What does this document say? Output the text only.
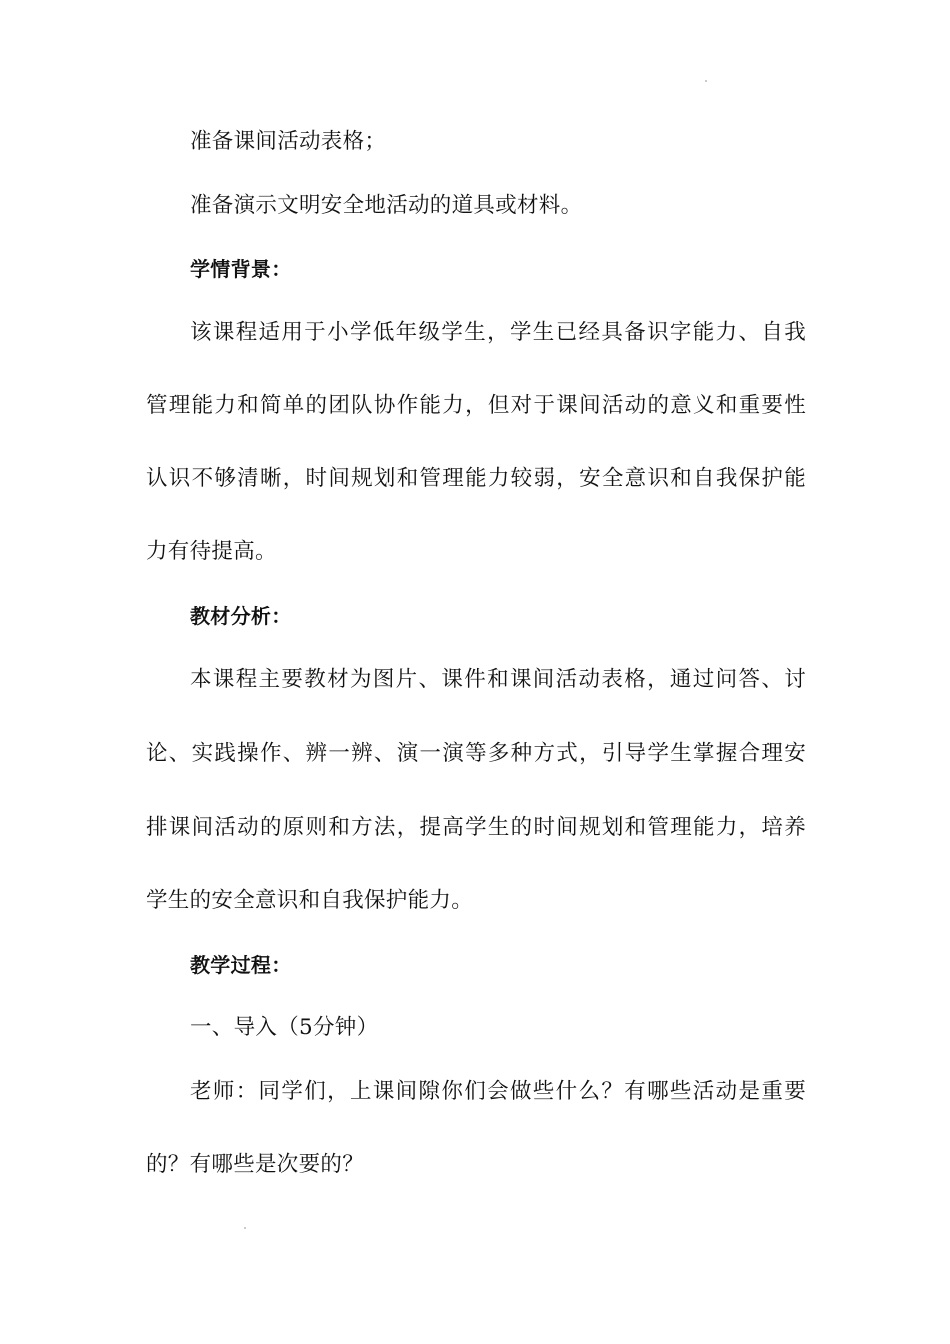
准备课间活动表格；
准备演示文明安全地活动的道具或材料。
学情背景：
该课程适用于小学低年级学生，学生已经具备识字能力、自我
管理能力和简单的团队协作能力，但对于课间活动的意义和重要性
认识不够清晰，时间规划和管理能力较弱，安全意识和自我保护能
力有待提高。
教材分析：
本课程主要教材为图片、课件和课间活动表格，通过问答、讨
论、实践操作、辨一辨、演一演等多种方式，引导学生掌握合理安
排课间活动的原则和方法，提高学生的时间规划和管理能力，培养
学生的安全意识和自我保护能力。
教学过程：
一、导入（5分钟）
老师：同学们，上课间隙你们会做些什么？有哪些活动是重要
的？有哪些是次要的？
